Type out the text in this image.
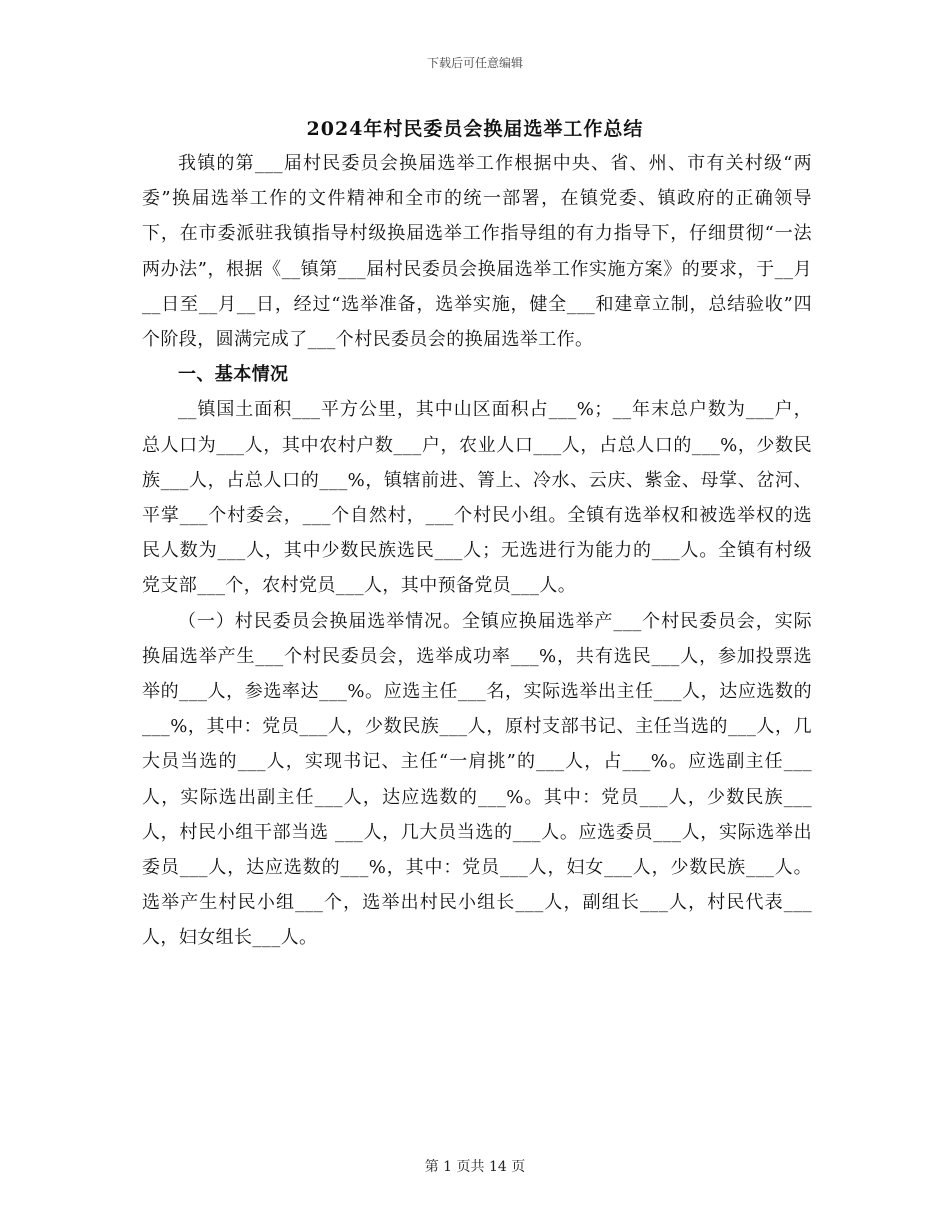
下载后可任意编辑
2024年村民委员会换届选举工作总结

我镇的第___届村民委员会换届选举工作根据中央、省、州、市有关村级“两委”换届选举工作的文件精神和全市的统一部署，在镇党委、镇政府的正确领导下，在市委派驻我镇指导村级换届选举工作指导组的有力指导下，仔细贯彻“一法两办法”，根据《__镇第___届村民委员会换届选举工作实施方案》的要求，于__月__日至__月__日，经过“选举准备，选举实施，健全___和建章立制，总结验收”四个阶段，圆满完成了___个村民委员会的换届选举工作。

一、基本情况

__镇国土面积___平方公里，其中山区面积占___%；__年末总户数为___户，总人口为___人，其中农村户数___户，农业人口___人，占总人口的___%，少数民族___人，占总人口的___%，镇辖前进、箐上、冷水、云庆、紫金、母掌、岔河、平掌___个村委会，___个自然村，___个村民小组。全镇有选举权和被选举权的选民人数为___人，其中少数民族选民___人；无选进行为能力的___人。全镇有村级党支部___个，农村党员___人，其中预备党员___人。

（一）村民委员会换届选举情况。全镇应换届选举产___个村民委员会，实际换届选举产生___个村民委员会，选举成功率___%，共有选民___人，参加投票选举的___人，参选率达___%。应选主任___名，实际选举出主任___人，达应选数的___%，其中：党员___人，少数民族___人，原村支部书记、主任当选的___人，几大员当选的___人，实现书记、主任“一肩挑”的___人，占___%。应选副主任___人，实际选出副主任___人，达应选数的___%。其中：党员___人，少数民族___人，村民小组干部当选 ___人，几大员当选的___人。应选委员___人，实际选举出委员___人，达应选数的___%，其中：党员___人，妇女___人，少数民族___人。选举产生村民小组___个，选举出村民小组长___人，副组长___人，村民代表___人，妇女组长___人。

第 1 页共 14 页
